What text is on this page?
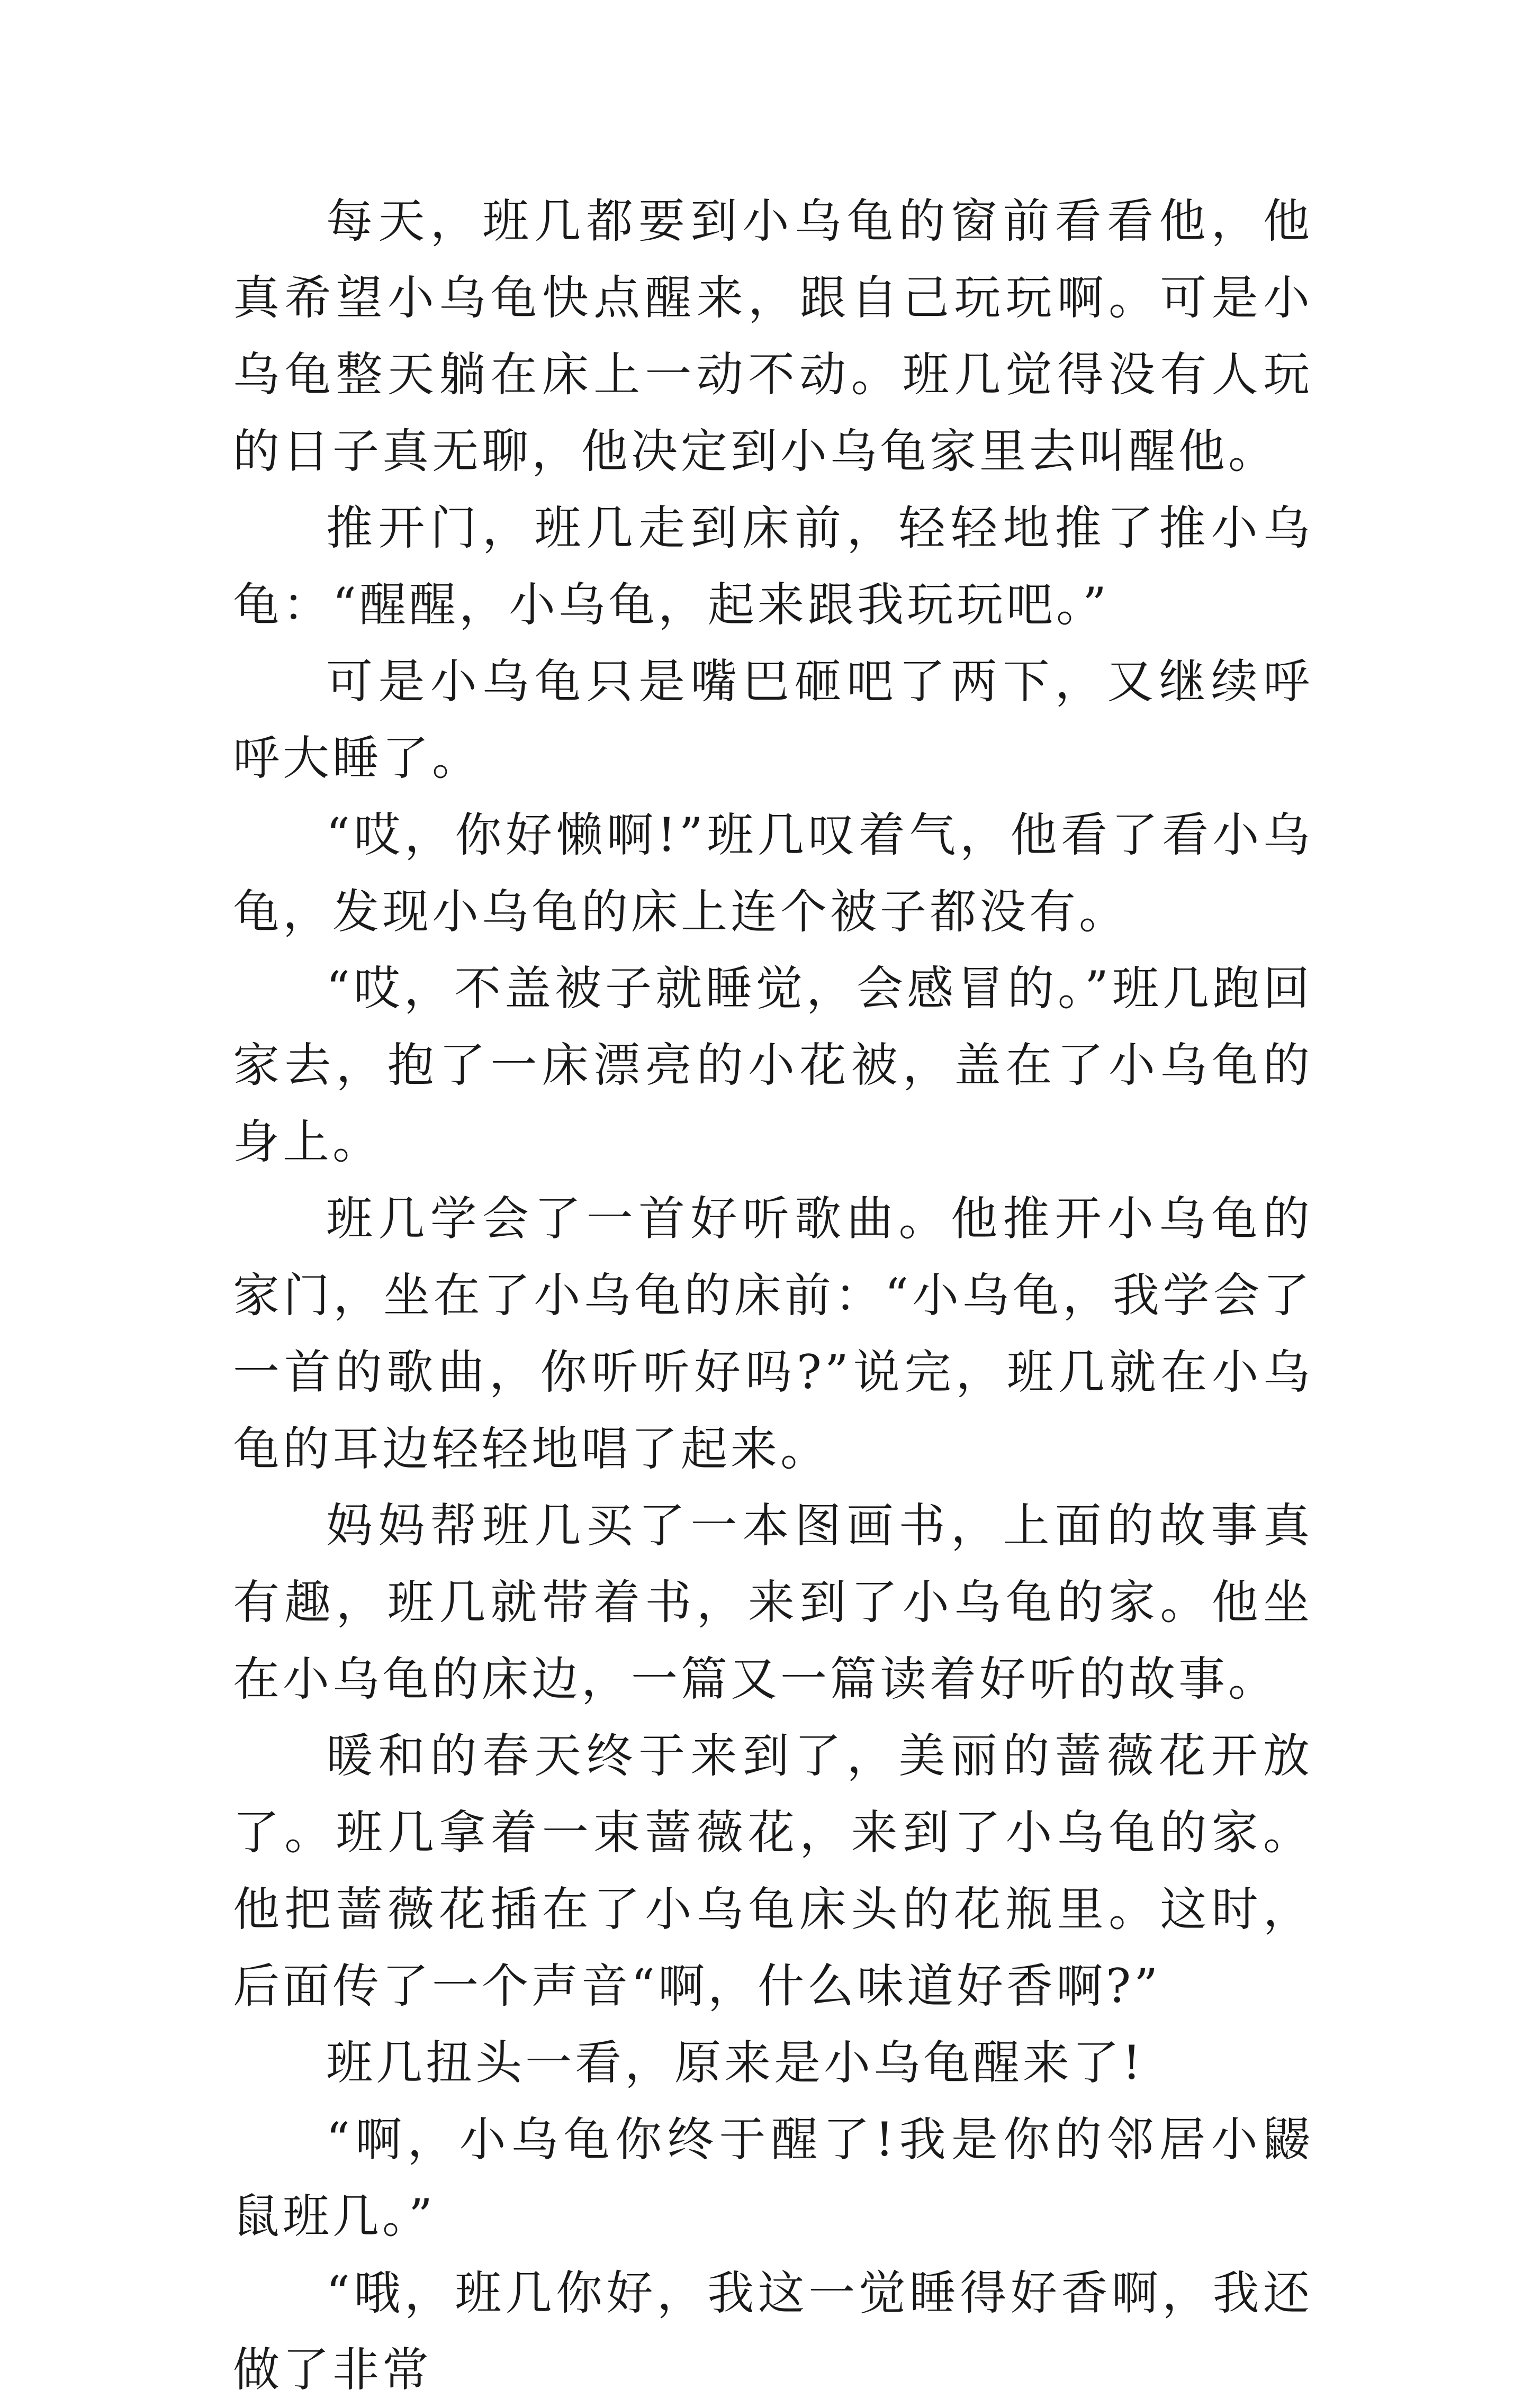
每天，班几都要到小乌龟的窗前看看他，他真希望小乌龟快点醒来，跟自己玩玩啊。可是小乌龟整天躺在床上一动不动。班几觉得没有人玩的日子真无聊，他决定到小乌龟家里去叫醒他。

推开门，班几走到床前，轻轻地推了推小乌龟：“醒醒，小乌龟，起来跟我玩玩吧。”

可是小乌龟只是嘴巴砸吧了两下，又继续呼呼大睡了。

“哎，你好懒啊!”班几叹着气，他看了看小乌龟，发现小乌龟的床上连个被子都没有。

“哎，不盖被子就睡觉，会感冒的。”班几跑回家去，抱了一床漂亮的小花被，盖在了小乌龟的身上。

班几学会了一首好听歌曲。他推开小乌龟的家门，坐在了小乌龟的床前：“小乌龟，我学会了一首的歌曲，你听听好吗?”说完，班几就在小乌龟的耳边轻轻地唱了起来。

妈妈帮班几买了一本图画书，上面的故事真有趣，班几就带着书，来到了小乌龟的家。他坐在小乌龟的床边，一篇又一篇读着好听的故事。

暖和的春天终于来到了，美丽的蔷薇花开放了。班几拿着一束蔷薇花，来到了小乌龟的家。他把蔷薇花插在了小乌龟床头的花瓶里。这时，后面传了一个声音“啊，什么味道好香啊?”

班几扭头一看，原来是小乌龟醒来了!

“啊，小乌龟你终于醒了!我是你的邻居小鼹鼠班几。”

“哦，班几你好，我这一觉睡得好香啊，我还做了非常
